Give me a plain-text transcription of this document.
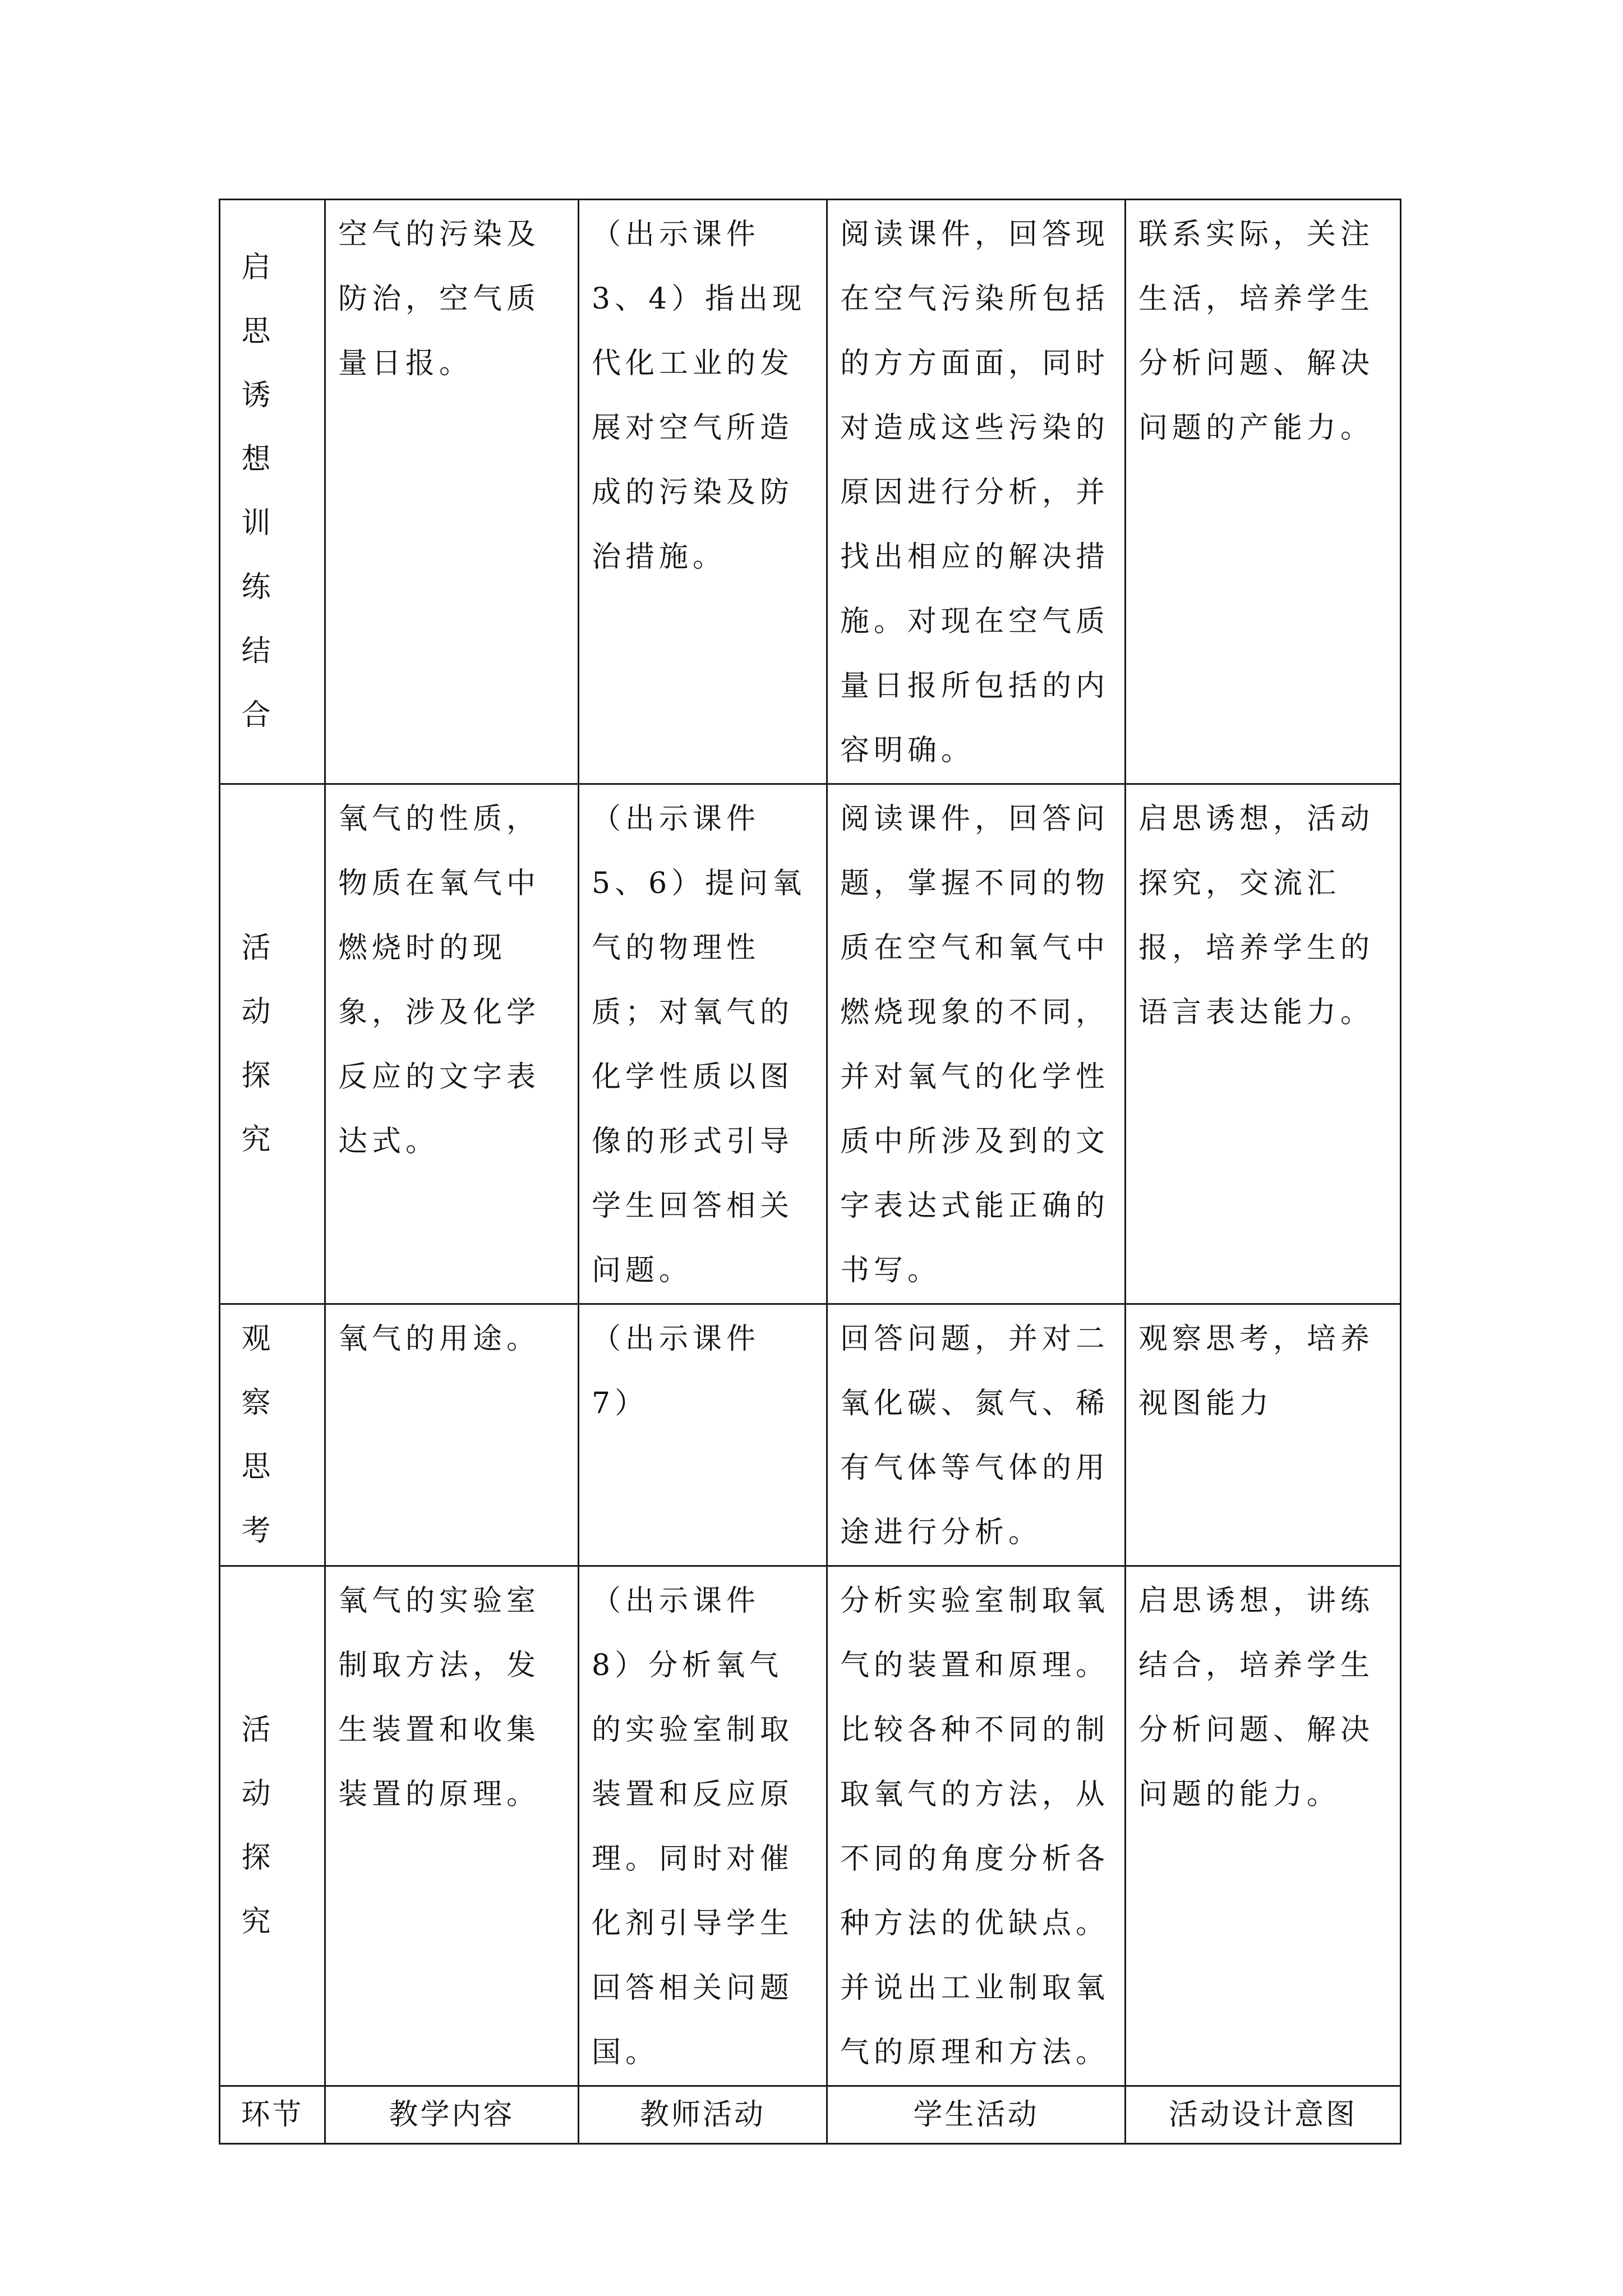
启思诱想训练结合	空气的污染及防治，空气质量日报。	（出示课件 3、4）指出现代化工业的发展对空气所造成的污染及防治措施。	阅读课件，回答现在空气污染所包括的方方面面，同时对造成这些污染的原因进行分析，并找出相应的解决措施。对现在空气质量日报所包括的内容明确。	联系实际，关注生活，培养学生分析问题、解决问题的产能力。

活动探究	氧气的性质，物质在氧气中燃烧时的现象，涉及化学反应的文字表达式。	（出示课件 5、6）提问氧气的物理性质；对氧气的化学性质以图像的形式引导学生回答相关问题。	阅读课件，回答问题，掌握不同的物质在空气和氧气中燃烧现象的不同，并对氧气的化学性质中所涉及到的文字表达式能正确的书写。	启思诱想，活动探究，交流汇报，培养学生的语言表达能力。

观察思考	氧气的用途。	（出示课件 7）	回答问题，并对二氧化碳、氮气、稀有气体等气体的用途进行分析。	观察思考，培养视图能力

活动探究	氧气的实验室制取方法，发生装置和收集装置的原理。	（出示课件 8）分析氧气的实验室制取装置和反应原理。同时对催化剂引导学生回答相关问题国。	分析实验室制取氧气的装置和原理。比较各种不同的制取氧气的方法，从不同的角度分析各种方法的优缺点。并说出工业制取氧气的原理和方法。	启思诱想，讲练结合，培养学生分析问题、解决问题的能力。

环节	教学内容	教师活动	学生活动	活动设计意图
